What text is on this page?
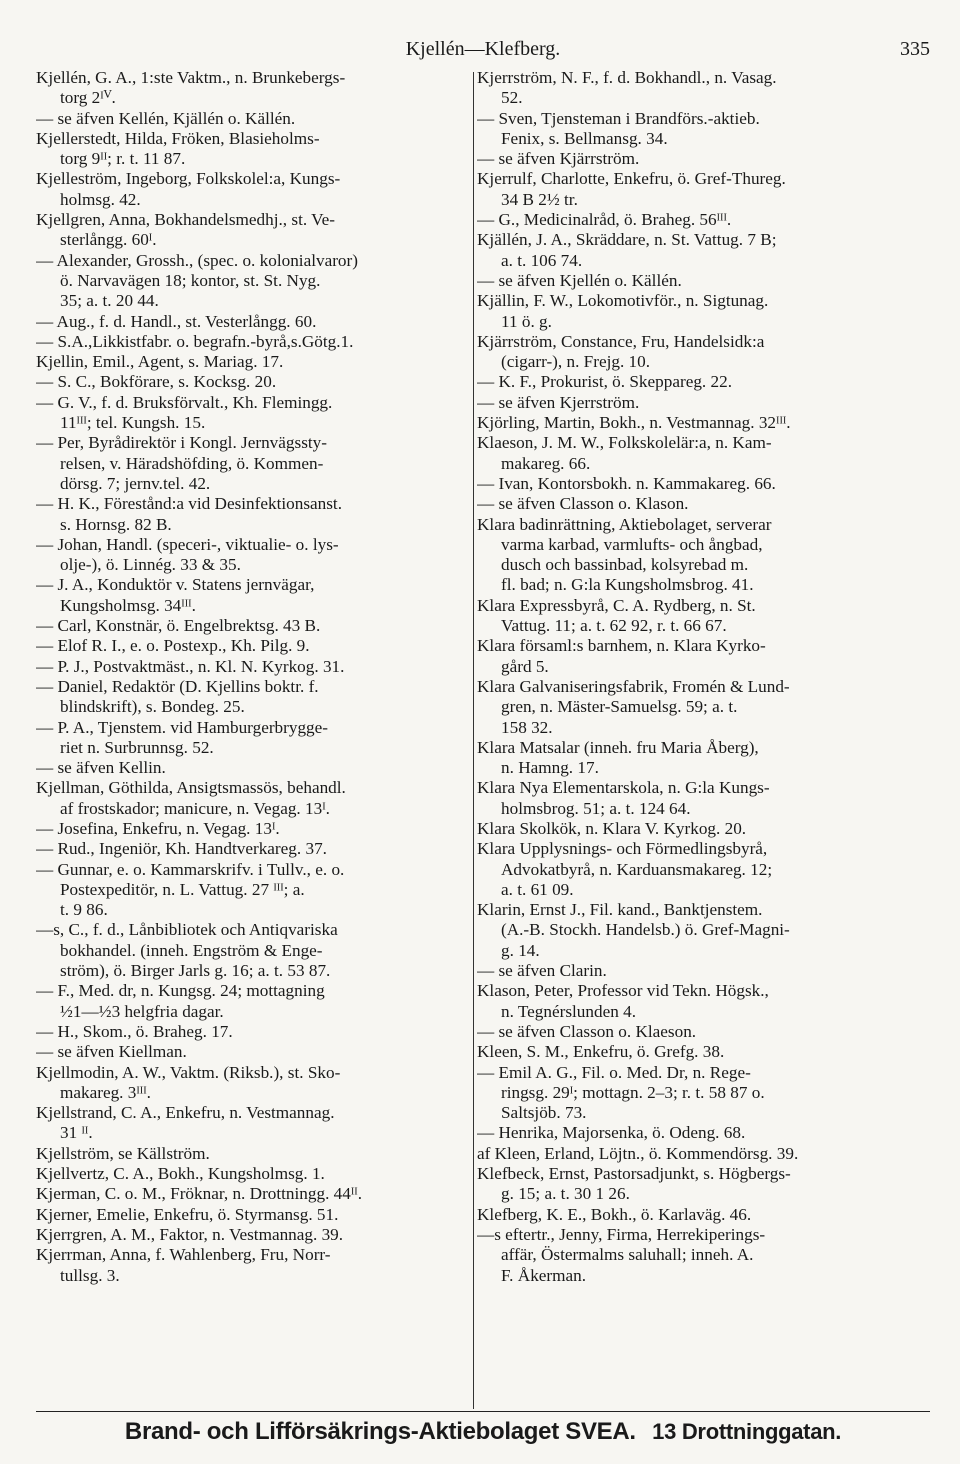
Kjellén—Klefberg.	335
Kjellén, G. A., 1:ste Vaktm., n. Brunkebergs-
torg 2ᴵⱽ.
— se äfven Kellén, Kjällén o. Källén.
Kjellerstedt, Hilda, Fröken, Blasieholms-
torg 9ᴵᴵ; r. t. 11 87.
Kjelleström, Ingeborg, Folkskolel:a, Kungs-
holmsg. 42.
Kjellgren, Anna, Bokhandelsmedhj., st. Ve-
sterlångg. 60ᴵ.
— Alexander, Grossh., (spec. o. kolonialvaror)
ö. Narvavägen 18; kontor, st. St. Nyg.
35; a. t. 20 44.
— Aug., f. d. Handl., st. Vesterlångg. 60.
— S.A.,Likkistfabr. o. begrafn.-byrå,s.Götg.1.
Kjellin, Emil., Agent, s. Mariag. 17.
— S. C., Bokförare, s. Kocksg. 20.
— G. V., f. d. Bruksförvalt., Kh. Flemingg.
11ᴵᴵᴵ; tel. Kungsh. 15.
— Per, Byrådirektör i Kongl. Jernvägssty-
relsen, v. Häradshöfding, ö. Kommen-
dörsg. 7; jernv.tel. 42.
— H. K., Förestånd:a vid Desinfektionsanst.
s. Hornsg. 82 B.
— Johan, Handl. (speceri-, viktualie- o. lys-
olje-), ö. Linnég. 33 & 35.
— J. A., Konduktör v. Statens jernvägar,
Kungsholmsg. 34ᴵᴵᴵ.
— Carl, Konstnär, ö. Engelbrektsg. 43 B.
— Elof R. I., e. o. Postexp., Kh. Pilg. 9.
— P. J., Postvaktmäst., n. Kl. N. Kyrkog. 31.
— Daniel, Redaktör (D. Kjellins boktr. f.
blindskrift), s. Bondeg. 25.
— P. A., Tjenstem. vid Hamburgerbrygge-
riet n. Surbrunnsg. 52.
— se äfven Kellin.
Kjellman, Göthilda, Ansigtsmassös, behandl.
af frostskador; manicure, n. Vegag. 13ᴵ.
— Josefina, Enkefru, n. Vegag. 13ᴵ.
— Rud., Ingeniör, Kh. Handtverkareg. 37.
— Gunnar, e. o. Kammarskrifv. i Tullv., e. o.
Postexpeditör, n. L. Vattug. 27 ᴵᴵᴵ; a.
t. 9 86.
—s, C., f. d., Lånbibliotek och Antiqvariska
bokhandel. (inneh. Engström & Enge-
ström), ö. Birger Jarls g. 16; a. t. 53 87.
— F., Med. dr, n. Kungsg. 24; mottagning
½1—½3 helgfria dagar.
— H., Skom., ö. Braheg. 17.
— se äfven Kiellman.
Kjellmodin, A. W., Vaktm. (Riksb.), st. Sko-
makareg. 3ᴵᴵᴵ.
Kjellstrand, C. A., Enkefru, n. Vestmannag.
31 ᴵᴵ.
Kjellström, se Källström.
Kjellvertz, C. A., Bokh., Kungsholmsg. 1.
Kjerman, C. o. M., Fröknar, n. Drottningg. 44ᴵᴵ.
Kjerner, Emelie, Enkefru, ö. Styrmansg. 51.
Kjerrgren, A. M., Faktor, n. Vestmannag. 39.
Kjerrman, Anna, f. Wahlenberg, Fru, Norr-
tullsg. 3.
Kjerrström, N. F., f. d. Bokhandl., n. Vasag.
52.
— Sven, Tjensteman i Brandförs.-aktieb.
Fenix, s. Bellmansg. 34.
— se äfven Kjärrström.
Kjerrulf, Charlotte, Enkefru, ö. Gref-Thureg.
34 B 2½ tr.
— G., Medicinalråd, ö. Braheg. 56ᴵᴵᴵ.
Kjällén, J. A., Skräddare, n. St. Vattug. 7 B;
a. t. 106 74.
— se äfven Kjellén o. Källén.
Kjällin, F. W., Lokomotivför., n. Sigtunag.
11 ö. g.
Kjärrström, Constance, Fru, Handelsidk:a
(cigarr-), n. Frejg. 10.
— K. F., Prokurist, ö. Skeppareg. 22.
— se äfven Kjerrström.
Kjörling, Martin, Bokh., n. Vestmannag. 32ᴵᴵᴵ.
Klaeson, J. M. W., Folkskolelär:a, n. Kam-
makareg. 66.
— Ivan, Kontorsbokh. n. Kammakareg. 66.
— se äfven Classon o. Klason.
Klara badinrättning, Aktiebolaget, serverar
varma karbad, varmlufts- och ångbad,
dusch och bassinbad, kolsyrebad m.
fl. bad; n. G:la Kungsholmsbrog. 41.
Klara Expressbyrå, C. A. Rydberg, n. St.
Vattug. 11; a. t. 62 92, r. t. 66 67.
Klara församl:s barnhem, n. Klara Kyrko-
gård 5.
Klara Galvaniseringsfabrik, Fromén & Lund-
gren, n. Mäster-Samuelsg. 59; a. t.
158 32.
Klara Matsalar (inneh. fru Maria Åberg),
n. Hamng. 17.
Klara Nya Elementarskola, n. G:la Kungs-
holmsbrog. 51; a. t. 124 64.
Klara Skolkök, n. Klara V. Kyrkog. 20.
Klara Upplysnings- och Förmedlingsbyrå,
Advokatbyrå, n. Karduansmakareg. 12;
a. t. 61 09.
Klarin, Ernst J., Fil. kand., Banktjenstem.
(A.-B. Stockh. Handelsb.) ö. Gref-Magni-
g. 14.
— se äfven Clarin.
Klason, Peter, Professor vid Tekn. Högsk.,
n. Tegnérslunden 4.
— se äfven Classon o. Klaeson.
Kleen, S. M., Enkefru, ö. Grefg. 38.
— Emil A. G., Fil. o. Med. Dr, n. Rege-
ringsg. 29ᴵ; mottagn. 2–3; r. t. 58 87 o.
Saltsjöb. 73.
— Henrika, Majorsenka, ö. Odeng. 68.
af Kleen, Erland, Löjtn., ö. Kommendörsg. 39.
Klefbeck, Ernst, Pastorsadjunkt, s. Högbergs-
g. 15; a. t. 30 1 26.
Klefberg, K. E., Bokh., ö. Karlaväg. 46.
—s eftertr., Jenny, Firma, Herrekiperings-
affär, Östermalms saluhall; inneh. A.
F. Åkerman.
Brand- och Lifförsäkrings-Aktiebolaget SVEA. 13 Drottninggatan.
